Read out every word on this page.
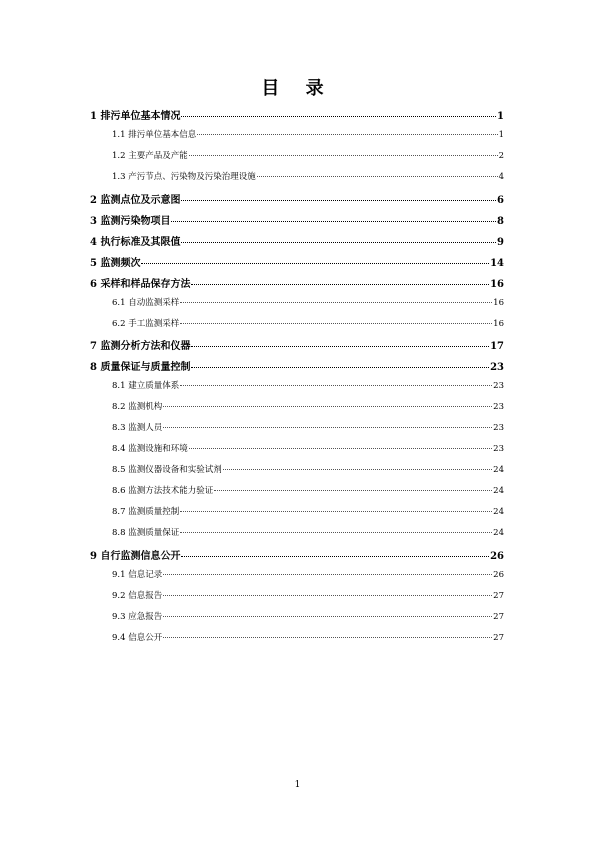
目 录
1 排污单位基本情况	1
1.1 排污单位基本信息	1
1.2 主要产品及产能	2
1.3 产污节点、污染物及污染治理设施	4
2 监测点位及示意图	6
3 监测污染物项目	8
4 执行标准及其限值	9
5 监测频次	14
6 采样和样品保存方法	16
6.1 自动监测采样	16
6.2 手工监测采样	16
7 监测分析方法和仪器	17
8 质量保证与质量控制	23
8.1 建立质量体系	23
8.2 监测机构	23
8.3 监测人员	23
8.4 监测设施和环境	23
8.5 监测仪器设备和实验试剂	24
8.6 监测方法技术能力验证	24
8.7 监测质量控制	24
8.8 监测质量保证	24
9 自行监测信息公开	26
9.1 信息记录	26
9.2 信息报告	27
9.3 应急报告	27
9.4 信息公开	27
1
